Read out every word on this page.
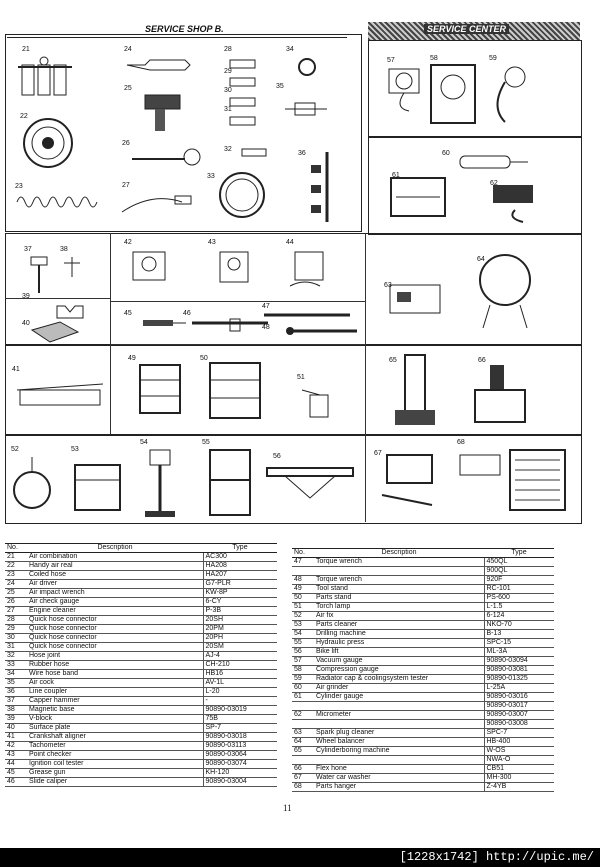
SERVICE SHOP B.	SERVICE CENTER
21
22
23
24
25
26
27
28
29
30
31
32
33
34
35
36
37	38
39
40
41
42	43	44
45	46
47
48
49	50
51
52	53
54	55
56
57	58	59
60
61
62
63
64
65	66
67
68
No.	Description	Type
21	Air combination	AC300
22	Handy air real	HA208
23	Coiled hose	HA207
24	Air driver	G7-PLR
25	Air impact wrench	KW-8P
26	Air check gauge	6-CY
27	Engine cleaner	P-3B
28	Quick hose connector	20SH
29	Quick hose connector	20PM
30	Quick hose connector	20PH
31	Quick hose connector	20SM
32	Hose joint	AJ-4
33	Rubber hose	CH-210
34	Wire hose band	HB16
35	Air cock	AV-1L
36	Line coupler	L-20
37	Capper hammer	-
38	Magnetic base	90890-03019
39	V-block	75B
40	Surface plate	SP-7
41	Crankshaft aligner	90890-03018
42	Tachometer	90890-03113
43	Point checker	90890-03064
44	Ignition coil tester	90890-03074
45	Grease gun	KH-120
46	Slide caliper	90890-03004
No.	Description	Type
47	Torque wrench	450QL
		900QL
48	Torque wrench	920F
49	Tool stand	RC-101
50	Parts stand	PS-600
51	Torch lamp	L-1.5
52	Air fix	6-124
53	Parts cleaner	NKO-70
54	Drilling machine	B-13
55	Hydraulic press	SPC-15
56	Bike lift	ML-3A
57	Vacuum gauge	90890-03094
58	Compression gauge	90890-03081
59	Radiator cap & coolingsystem tester	90890-01325
60	Air grinder	L-25A
61	Cylinder gauge	90890-03016
		90890-03017
62	Micrometer	90890-03007
		90890-03008
63	Spark plug cleaner	SPC-7
64	Wheel balancer	HB-400
65	Cylinderboring machine	W-OS
		NWA-O
66	Flex hone	CB51
67	Water car washer	MH-300
68	Parts hanger	Z-4YB
11
[1228x1742] http://upic.me/
